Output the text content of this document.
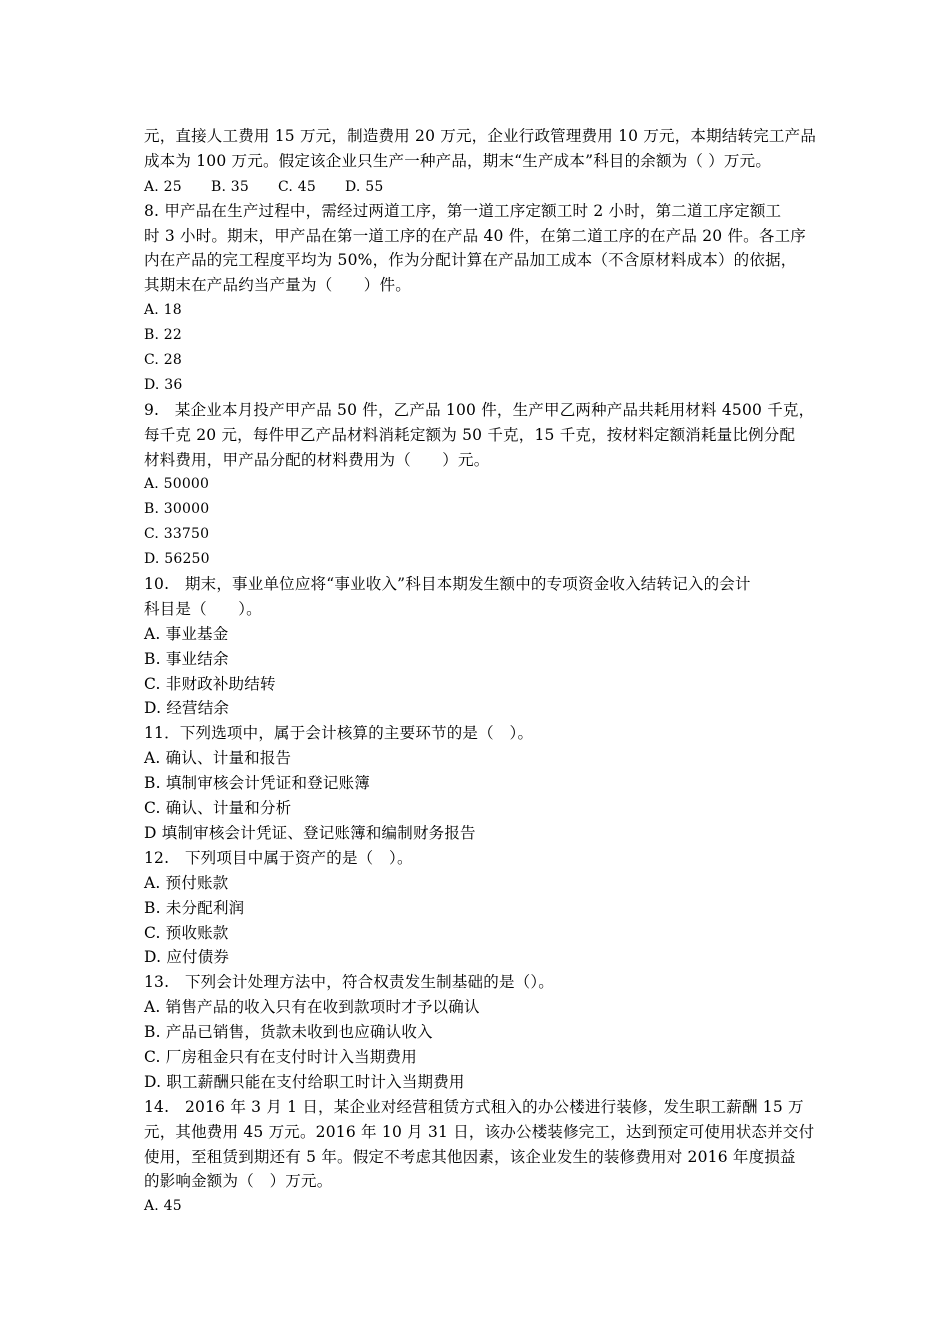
元，直接人工费用 15 万元，制造费用 20 万元，企业行政管理费用 10 万元，本期结转完工产品
成本为 100 万元。假定该企业只生产一种产品，期末“生产成本”科目的余额为（ ）万元。
A. 25 B. 35 C. 45 D. 55
8. 甲产品在生产过程中，需经过两道工序，第一道工序定额工时 2 小时，第二道工序定额工
时 3 小时。期末，甲产品在第一道工序的在产品 40 件，在第二道工序的在产品 20 件。各工序
内在产品的完工程度平均为 50%，作为分配计算在产品加工成本（不含原材料成本）的依据，
其期末在产品约当产量为（　　）件。
A. 18
B. 22
C. 28
D. 36
9.　某企业本月投产甲产品 50 件，乙产品 100 件，生产甲乙两种产品共耗用材料 4500 千克，
每千克 20 元，每件甲乙产品材料消耗定额为 50 千克，15 千克，按材料定额消耗量比例分配
材料费用，甲产品分配的材料费用为（　　）元。
A. 50000
B. 30000
C. 33750
D. 56250
10.　期末，事业单位应将“事业收入”科目本期发生额中的专项资金收入结转记入的会计
科目是（　　）。
A. 事业基金
B. 事业结余
C. 非财政补助结转
D. 经营结余
11．下列选项中，属于会计核算的主要环节的是（　）。
A. 确认、计量和报告
B. 填制审核会计凭证和登记账簿
C. 确认、计量和分析
D 填制审核会计凭证、登记账簿和编制财务报告
12.　下列项目中属于资产的是（　）。
A. 预付账款
B. 未分配利润
C. 预收账款
D. 应付债券
13.　下列会计处理方法中，符合权责发生制基础的是（）。
A. 销售产品的收入只有在收到款项时才予以确认
B. 产品已销售，货款未收到也应确认收入
C. 厂房租金只有在支付时计入当期费用
D. 职工薪酬只能在支付给职工时计入当期费用
14.　2016 年 3 月 1 日，某企业对经营租赁方式租入的办公楼进行装修，发生职工薪酬 15 万
元，其他费用 45 万元。2016 年 10 月 31 日，该办公楼装修完工，达到预定可使用状态并交付
使用，至租赁到期还有 5 年。假定不考虑其他因素，该企业发生的装修费用对 2016 年度损益
的影响金额为（　）万元。
A. 45
